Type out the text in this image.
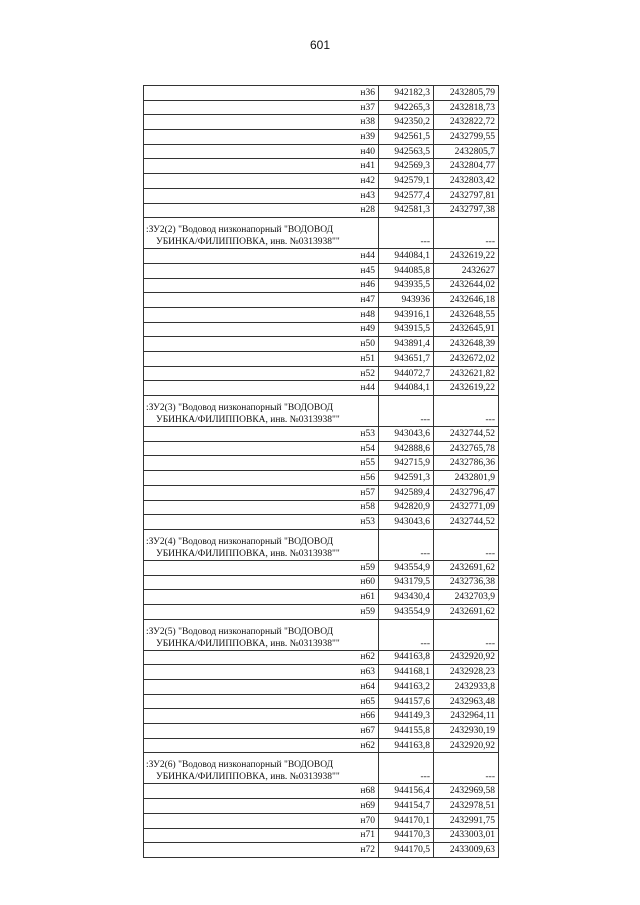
601
н36	942182,3	2432805,79
н37	942265,3	2432818,73
н38	942350,2	2432822,72
н39	942561,5	2432799,55
н40	942563,5	2432805,7
н41	942569,3	2432804,77
н42	942579,1	2432803,42
н43	942577,4	2432797,81
н28	942581,3	2432797,38
:ЗУ2(2) "Водовод низконапорный "ВОДОВОД УБИНКА/ФИЛИППОВКА, инв. №0313938""	---	---
н44	944084,1	2432619,22
н45	944085,8	2432627
н46	943935,5	2432644,02
н47	943936	2432646,18
н48	943916,1	2432648,55
н49	943915,5	2432645,91
н50	943891,4	2432648,39
н51	943651,7	2432672,02
н52	944072,7	2432621,82
н44	944084,1	2432619,22
:ЗУ2(3) "Водовод низконапорный "ВОДОВОД УБИНКА/ФИЛИППОВКА, инв. №0313938""	---	---
н53	943043,6	2432744,52
н54	942888,6	2432765,78
н55	942715,9	2432786,36
н56	942591,3	2432801,9
н57	942589,4	2432796,47
н58	942820,9	2432771,09
н53	943043,6	2432744,52
:ЗУ2(4) "Водовод низконапорный "ВОДОВОД УБИНКА/ФИЛИППОВКА, инв. №0313938""	---	---
н59	943554,9	2432691,62
н60	943179,5	2432736,38
н61	943430,4	2432703,9
н59	943554,9	2432691,62
:ЗУ2(5) "Водовод низконапорный "ВОДОВОД УБИНКА/ФИЛИППОВКА, инв. №0313938""	---	---
н62	944163,8	2432920,92
н63	944168,1	2432928,23
н64	944163,2	2432933,8
н65	944157,6	2432963,48
н66	944149,3	2432964,11
н67	944155,8	2432930,19
н62	944163,8	2432920,92
:ЗУ2(6) "Водовод низконапорный "ВОДОВОД УБИНКА/ФИЛИППОВКА, инв. №0313938""	---	---
н68	944156,4	2432969,58
н69	944154,7	2432978,51
н70	944170,1	2432991,75
н71	944170,3	2433003,01
н72	944170,5	2433009,63
